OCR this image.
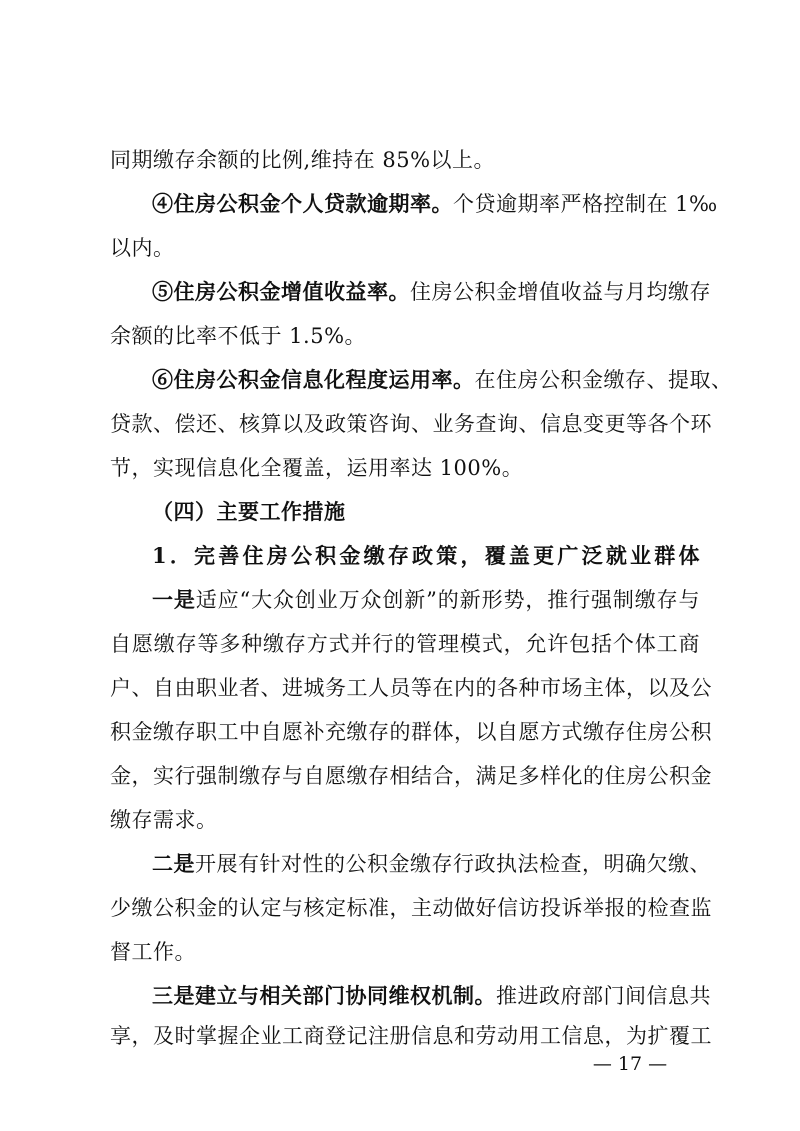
同期缴存余额的比例,维持在 85%以上。
④住房公积金个人贷款逾期率。个贷逾期率严格控制在 1‰
以内。
⑤住房公积金增值收益率。住房公积金增值收益与月均缴存
余额的比率不低于 1.5%。
⑥住房公积金信息化程度运用率。在住房公积金缴存、提取、
贷款、偿还、核算以及政策咨询、业务查询、信息变更等各个环
节，实现信息化全覆盖，运用率达 100%。
（四）主要工作措施
1．完善住房公积金缴存政策，覆盖更广泛就业群体
一是适应“大众创业万众创新”的新形势，推行强制缴存与
自愿缴存等多种缴存方式并行的管理模式，允许包括个体工商
户、自由职业者、进城务工人员等在内的各种市场主体，以及公
积金缴存职工中自愿补充缴存的群体，以自愿方式缴存住房公积
金，实行强制缴存与自愿缴存相结合，满足多样化的住房公积金
缴存需求。
二是开展有针对性的公积金缴存行政执法检查，明确欠缴、
少缴公积金的认定与核定标准，主动做好信访投诉举报的检查监
督工作。
三是建立与相关部门协同维权机制。推进政府部门间信息共
享，及时掌握企业工商登记注册信息和劳动用工信息，为扩覆工
— 17 —
